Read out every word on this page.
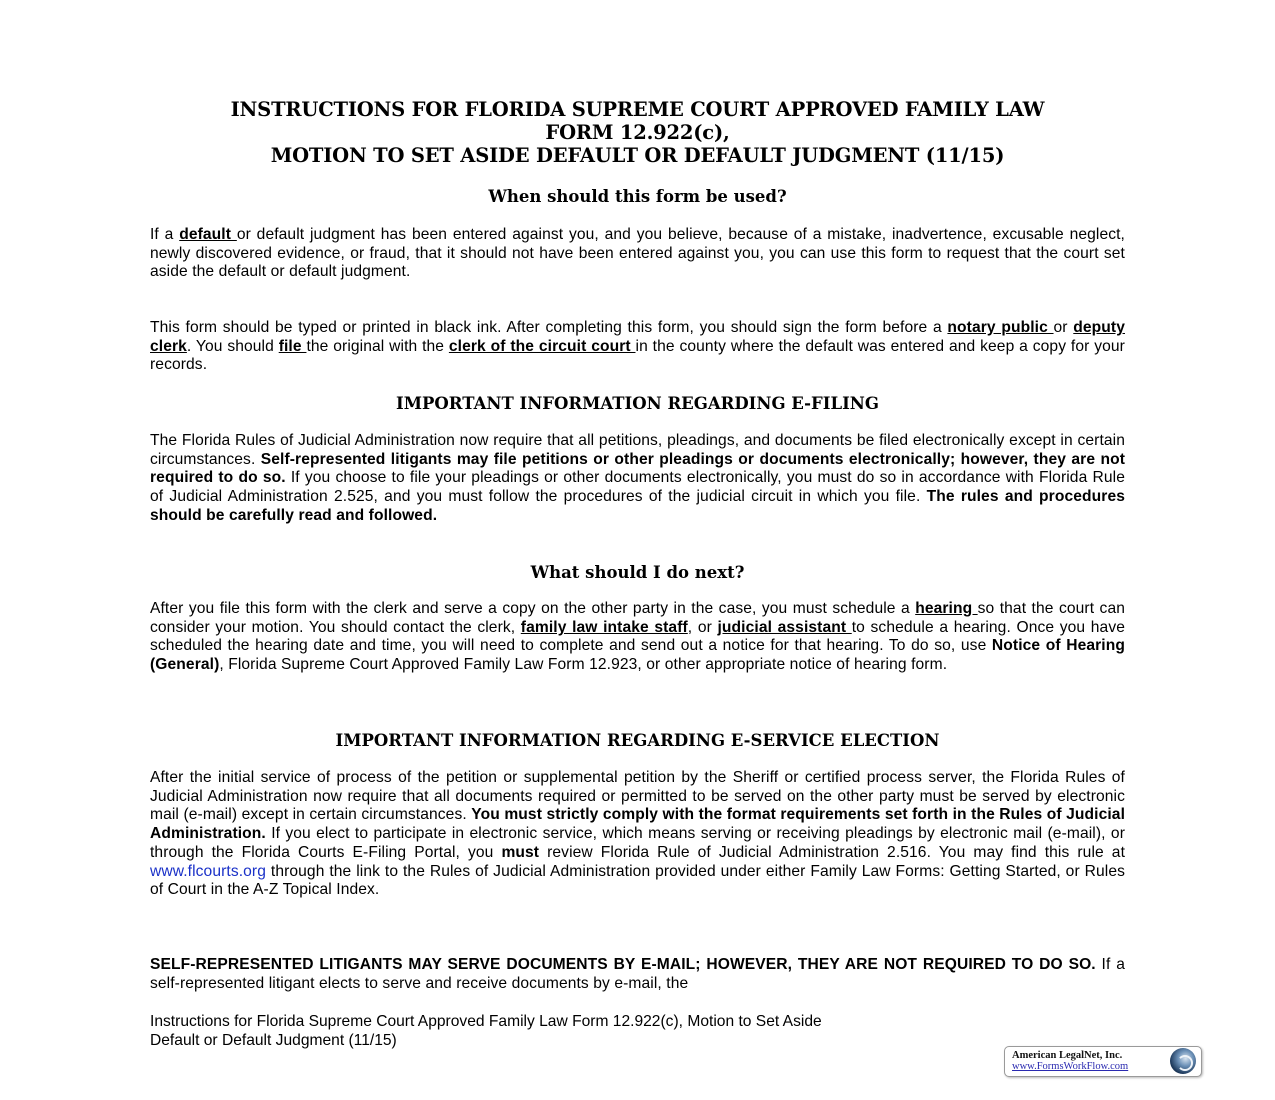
INSTRUCTIONS FOR FLORIDA SUPREME COURT APPROVED FAMILY LAW
FORM 12.922(c),
MOTION TO SET ASIDE DEFAULT OR DEFAULT JUDGMENT (11/15)
When should this form be used?
If a default or default judgment has been entered against you, and you believe, because of a mistake, inadvertence, excusable neglect, newly discovered evidence, or fraud, that it should not have been entered against you, you can use this form to request that the court set aside the default or default judgment.
This form should be typed or printed in black ink. After completing this form, you should sign the form before a notary public or deputy clerk. You should file the original with the clerk of the circuit court in the county where the default was entered and keep a copy for your records.
IMPORTANT INFORMATION REGARDING E-FILING
The Florida Rules of Judicial Administration now require that all petitions, pleadings, and documents be filed electronically except in certain circumstances. Self-represented litigants may file petitions or other pleadings or documents electronically; however, they are not required to do so. If you choose to file your pleadings or other documents electronically, you must do so in accordance with Florida Rule of Judicial Administration 2.525, and you must follow the procedures of the judicial circuit in which you file. The rules and procedures should be carefully read and followed.
What should I do next?
After you file this form with the clerk and serve a copy on the other party in the case, you must schedule a hearing so that the court can consider your motion. You should contact the clerk, family law intake staff, or judicial assistant to schedule a hearing. Once you have scheduled the hearing date and time, you will need to complete and send out a notice for that hearing. To do so, use Notice of Hearing (General), Florida Supreme Court Approved Family Law Form 12.923, or other appropriate notice of hearing form.
IMPORTANT INFORMATION REGARDING E-SERVICE ELECTION
After the initial service of process of the petition or supplemental petition by the Sheriff or certified process server, the Florida Rules of Judicial Administration now require that all documents required or permitted to be served on the other party must be served by electronic mail (e-mail) except in certain circumstances. You must strictly comply with the format requirements set forth in the Rules of Judicial Administration. If you elect to participate in electronic service, which means serving or receiving pleadings by electronic mail (e-mail), or through the Florida Courts E-Filing Portal, you must review Florida Rule of Judicial Administration 2.516. You may find this rule at www.flcourts.org through the link to the Rules of Judicial Administration provided under either Family Law Forms: Getting Started, or Rules of Court in the A-Z Topical Index.
SELF-REPRESENTED LITIGANTS MAY SERVE DOCUMENTS BY E-MAIL; HOWEVER, THEY ARE NOT REQUIRED TO DO SO. If a self-represented litigant elects to serve and receive documents by e-mail, the
Instructions for Florida Supreme Court Approved Family Law Form 12.922(c), Motion to Set Aside
Default or Default Judgment (11/15)
American LegalNet, Inc.
www.FormsWorkFlow.com
